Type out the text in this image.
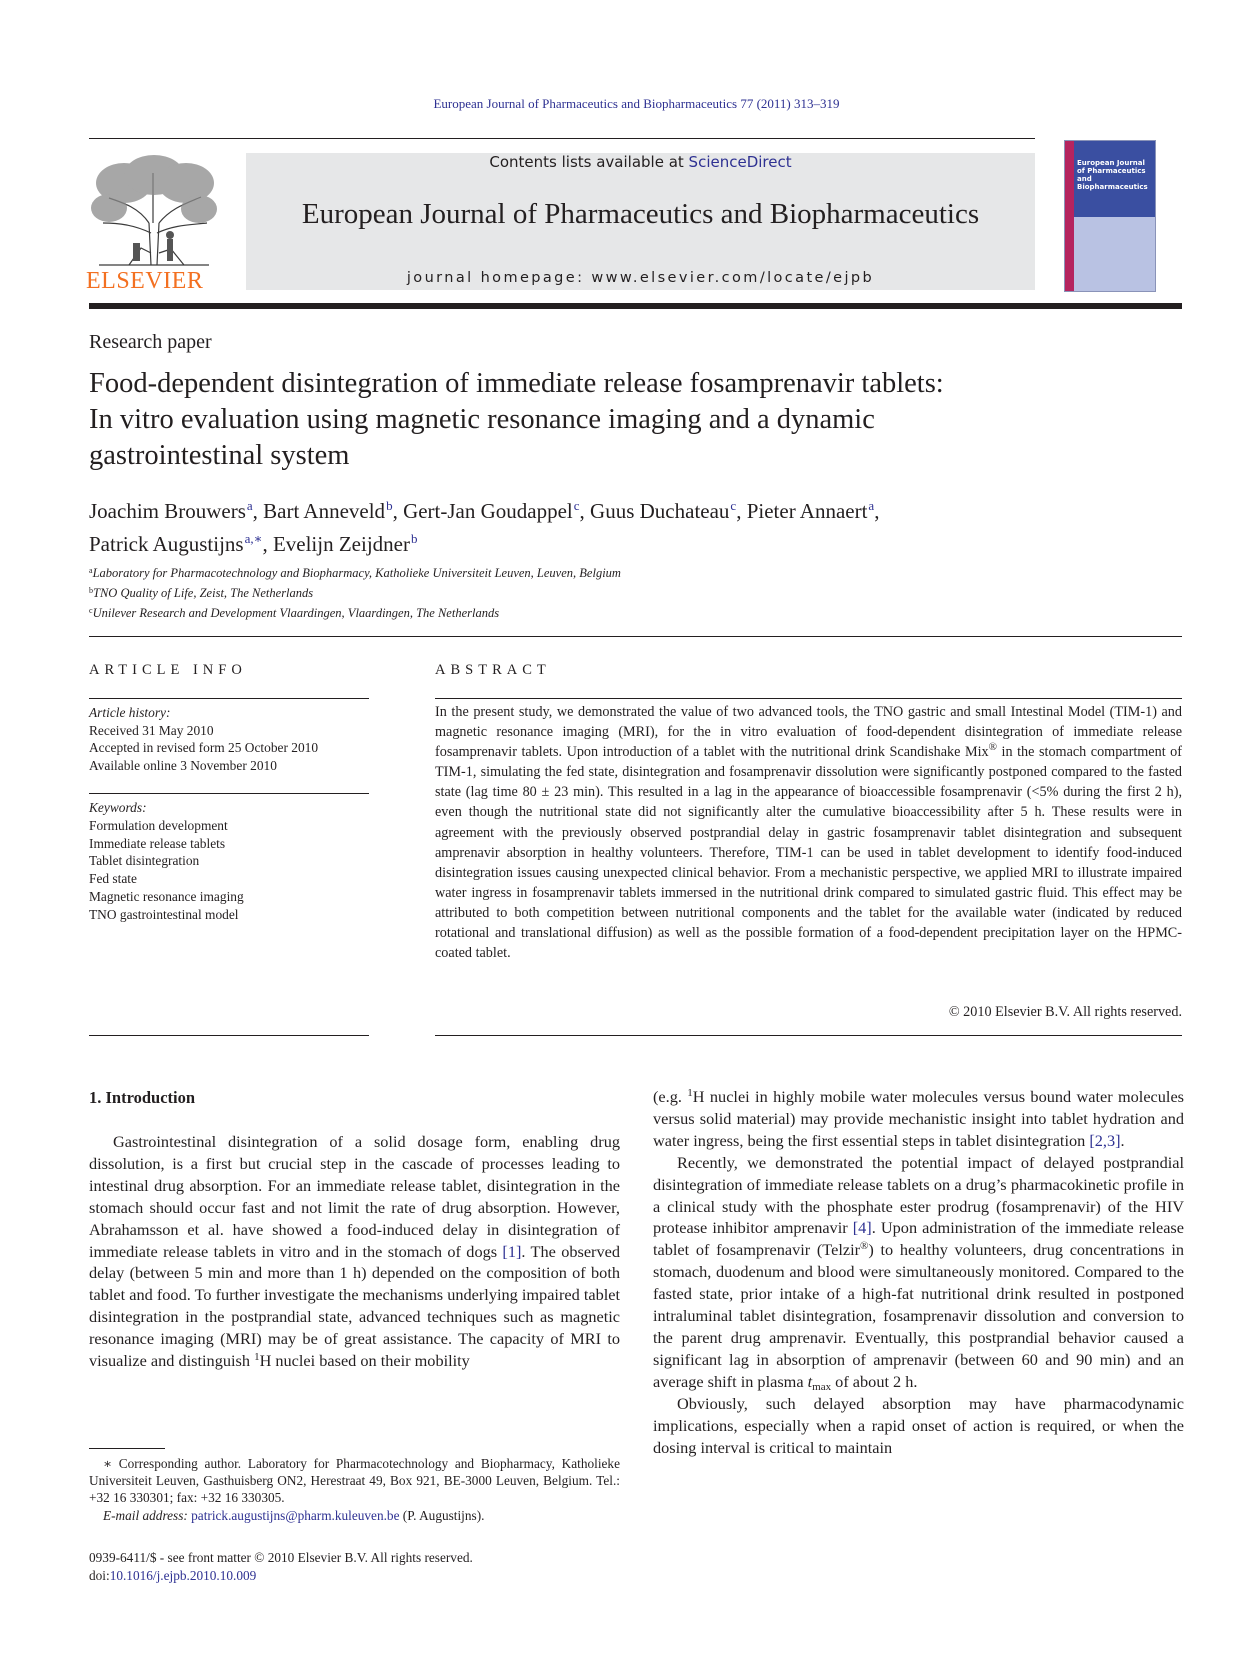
European Journal of Pharmaceutics and Biopharmaceutics 77 (2011) 313–319
ELSEVIER
Contents lists available at ScienceDirect
European Journal of Pharmaceutics and Biopharmaceutics
journal homepage: www.elsevier.com/locate/ejpb
European Journal of Pharmaceutics and Biopharmaceutics
Research paper
Food-dependent disintegration of immediate release fosamprenavir tablets:
In vitro evaluation using magnetic resonance imaging and a dynamic
gastrointestinal system
Joachim Brouwers$^a$, Bart Anneveld$^b$, Gert-Jan Goudappel$^c$, Guus Duchateau$^c$, Pieter Annaert$^a$,
Patrick Augustijns$^{a,∗}$, Evelijn Zeijdner$^b$
$^a$Laboratory for Pharmacotechnology and Biopharmacy, Katholieke Universiteit Leuven, Leuven, Belgium
$^b$TNO Quality of Life, Zeist, The Netherlands
$^c$Unilever Research and Development Vlaardingen, Vlaardingen, The Netherlands
ARTICLE INFO	ABSTRACT
Article history:
Received 31 May 2010
Accepted in revised form 25 October 2010
Available online 3 November 2010
Keywords:
Formulation development
Immediate release tablets
Tablet disintegration
Fed state
Magnetic resonance imaging
TNO gastrointestinal model
In the present study, we demonstrated the value of two advanced tools, the TNO gastric and small Intestinal Model (TIM-1) and magnetic resonance imaging (MRI), for the in vitro evaluation of food-dependent disintegration of immediate release fosamprenavir tablets. Upon introduction of a tablet with the nutritional drink Scandishake Mix® in the stomach compartment of TIM-1, simulating the fed state, disintegration and fosamprenavir dissolution were significantly postponed compared to the fasted state (lag time 80 ± 23 min). This resulted in a lag in the appearance of bioaccessible fosamprenavir (<5% during the first 2 h), even though the nutritional state did not significantly alter the cumulative bioaccessibility after 5 h. These results were in agreement with the previously observed postprandial delay in gastric fosamprenavir tablet disintegration and subsequent amprenavir absorption in healthy volunteers. Therefore, TIM-1 can be used in tablet development to identify food-induced disintegration issues causing unexpected clinical behavior. From a mechanistic perspective, we applied MRI to illustrate impaired water ingress in fosamprenavir tablets immersed in the nutritional drink compared to simulated gastric fluid. This effect may be attributed to both competition between nutritional components and the tablet for the available water (indicated by reduced rotational and translational diffusion) as well as the possible formation of a food-dependent precipitation layer on the HPMC-coated tablet.
© 2010 Elsevier B.V. All rights reserved.
1. Introduction

Gastrointestinal disintegration of a solid dosage form, enabling drug dissolution, is a first but crucial step in the cascade of processes leading to intestinal drug absorption. For an immediate release tablet, disintegration in the stomach should occur fast and not limit the rate of drug absorption. However, Abrahamsson et al. have showed a food-induced delay in disintegration of immediate release tablets in vitro and in the stomach of dogs [1]. The observed delay (between 5 min and more than 1 h) depended on the composition of both tablet and food. To further investigate the mechanisms underlying impaired tablet disintegration in the postprandial state, advanced techniques such as magnetic resonance imaging (MRI) may be of great assistance. The capacity of MRI to visualize and distinguish $^1$H nuclei based on their mobility

(e.g. $^1$H nuclei in highly mobile water molecules versus bound water molecules versus solid material) may provide mechanistic insight into tablet hydration and water ingress, being the first essential steps in tablet disintegration [2,3].

Recently, we demonstrated the potential impact of delayed postprandial disintegration of immediate release tablets on a drug’s pharmacokinetic profile in a clinical study with the phosphate ester prodrug (fosamprenavir) of the HIV protease inhibitor amprenavir [4]. Upon administration of the immediate release tablet of fosamprenavir (Telzir®) to healthy volunteers, drug concentrations in stomach, duodenum and blood were simultaneously monitored. Compared to the fasted state, prior intake of a high-fat nutritional drink resulted in postponed intraluminal tablet disintegration, fosamprenavir dissolution and conversion to the parent drug amprenavir. Eventually, this postprandial behavior caused a significant lag in absorption of amprenavir (between 60 and 90 min) and an average shift in plasma $t_{max}$ of about 2 h.

Obviously, such delayed absorption may have pharmacodynamic implications, especially when a rapid onset of action is required, or when the dosing interval is critical to maintain

∗ Corresponding author. Laboratory for Pharmacotechnology and Biopharmacy, Katholieke Universiteit Leuven, Gasthuisberg ON2, Herestraat 49, Box 921, BE-3000 Leuven, Belgium. Tel.: +32 16 330301; fax: +32 16 330305.
E-mail address: patrick.augustijns@pharm.kuleuven.be (P. Augustijns).
0939-6411/$ - see front matter © 2010 Elsevier B.V. All rights reserved.
doi:10.1016/j.ejpb.2010.10.009
